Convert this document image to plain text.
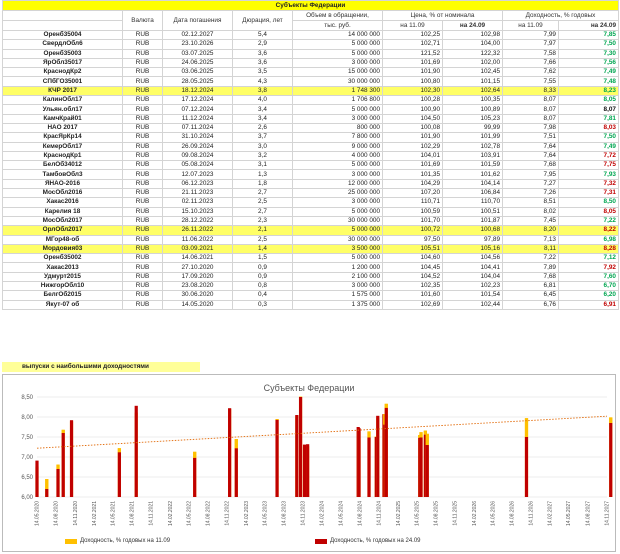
Субъекты Федерации								
	Валюта	Дата погашения	Дюрация, лет	Объем в обращении,	Цена, % от номинала		Доходность, % годовых	
				тыс. руб.	на 11.09	на 24.09	на 11.09	на 24.09
Оренб35004	RUB	02.12.2027	5,4	14 000 000	102,25	102,98	7,99	7,85
СвердлОбл6	RUB	23.10.2026	2,9	5 000 000	102,71	104,00	7,97	7,50
Оренб35003	RUB	03.07.2025	3,6	5 000 000	121,52	122,32	7,58	7,30
ЯрОбл35017	RUB	24.06.2025	3,6	3 000 000	101,69	102,00	7,66	7,56
КраснодКр2	RUB	03.06.2025	3,5	15 000 000	101,90	102,45	7,62	7,49
СПбГО35001	RUB	28.05.2025	4,3	30 000 000	100,80	101,15	7,55	7,48
КЧР 2017	RUB	18.12.2024	3,8	1 748 300	102,30	102,64	8,33	8,23
КалинОбл17	RUB	17.12.2024	4,0	1 706 800	100,28	100,35	8,07	8,05
Ульян.обл17	RUB	07.12.2024	3,4	5 000 000	100,90	100,89	8,07	8,07
КамчКрай01	RUB	11.12.2024	3,4	3 000 000	104,50	105,23	8,07	7,81
НАО 2017	RUB	07.11.2024	2,6	800 000	100,08	99,99	7,98	8,03
КрасЯрКр14	RUB	31.10.2024	3,7	7 800 000	101,90	101,99	7,51	7,50
КемерОбл17	RUB	26.09.2024	3,0	9 000 000	102,29	102,78	7,64	7,49
КраснодКр1	RUB	09.08.2024	3,2	4 000 000	104,01	103,91	7,64	7,72
БелОб34012	RUB	05.08.2024	3,1	5 000 000	101,69	101,59	7,68	7,75
ТамбовОбл3	RUB	12.07.2023	1,3	3 000 000	101,35	101,62	7,95	7,93
ЯНАО-2016	RUB	06.12.2023	1,8	12 000 000	104,29	104,14	7,27	7,32
МосОбл2016	RUB	21.11.2023	2,7	25 000 000	107,20	106,84	7,26	7,31
Хакас2016	RUB	02.11.2023	2,5	3 000 000	110,71	110,70	8,51	8,50
Карелия 18	RUB	15.10.2023	2,7	5 000 000	100,59	100,51	8,02	8,05
МосОбл2017	RUB	28.12.2022	2,3	30 000 000	101,70	101,87	7,45	7,22
ОрлОбл2017	RUB	26.11.2022	2,1	5 000 000	100,72	100,68	8,20	8,22
МГор48-об	RUB	11.06.2022	2,5	30 000 000	97,50	97,89	7,13	6,98
Мордовия03	RUB	03.09.2021	1,4	3 500 000	105,51	105,16	8,11	8,28
Оренб35002	RUB	14.06.2021	1,5	5 000 000	104,60	104,56	7,22	7,12
Хакас2013	RUB	27.10.2020	0,9	1 200 000	104,45	104,41	7,89	7,92
Удмурт2015	RUB	17.09.2020	0,9	2 100 000	104,52	104,04	7,68	7,60
НижгорОбл10	RUB	23.08.2020	0,8	3 000 000	102,35	102,23	6,81	6,70
БелгОб2015	RUB	30.06.2020	0,4	1 575 000	101,60	101,54	6,45	6,20
Якут-07 об	RUB	14.05.2020	0,3	1 375 000	102,69	102,44	6,76	6,91
выпуски с наибольшими доходностями
Субъекты Федерации
6,00
6,50
7,00
7,50
8,00
8,50
14.05.2020	14.08.2020	14.11.2020	14.02.2021	14.05.2021	14.08.2021	14.11.2021	14.02.2022	14.05.2022	14.08.2022	14.11.2022	14.02.2023	14.05.2023	14.08.2023	14.11.2023	14.02.2024	14.05.2024	14.08.2024	14.11.2024	14.02.2025	14.05.2025	14.08.2025	14.11.2025	14.02.2026	14.05.2026	14.08.2026	14.11.2026	14.02.2027	14.05.2027	14.08.2027	14.11.2027
Доходность, % годовых на 11.09	Доходность, % годовых на 24.09
